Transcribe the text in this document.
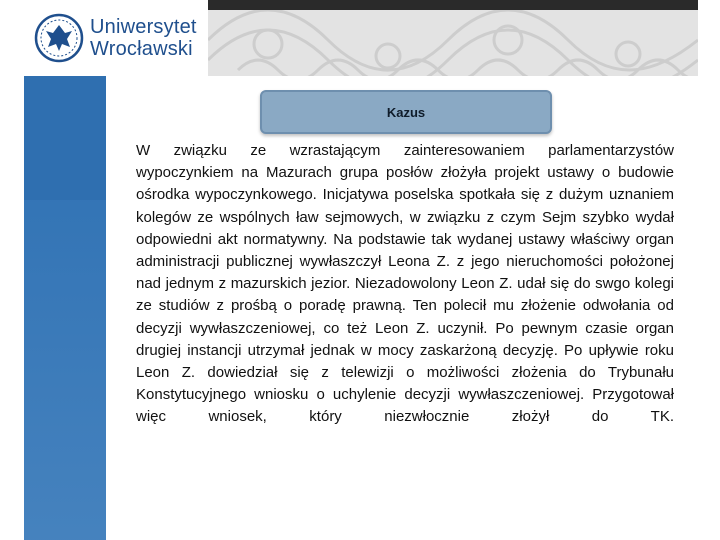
Uniwersytet
Wrocławski
Kazus

W związku ze wzrastającym zainteresowaniem parlamentarzystów wypoczynkiem na Mazurach grupa posłów złożyła projekt ustawy o budowie ośrodka wypoczynkowego. Inicjatywa poselska spotkała się z dużym uznaniem kolegów ze wspólnych ław sejmowych, w związku z czym Sejm szybko wydał odpowiedni akt normatywny. Na podstawie tak wydanej ustawy właściwy organ administracji publicznej wywłaszczył Leona Z. z jego nieruchomości położonej nad jednym z mazurskich jezior. Niezadowolony Leon Z. udał się do swgo kolegi ze studiów z prośbą o poradę prawną. Ten polecił mu złożenie odwołania od decyzji wywłaszczeniowej, co też Leon Z. uczynił. Po pewnym czasie organ drugiej instancji utrzymał jednak w mocy zaskarżoną decyzję. Po upływie roku Leon Z. dowiedział się z telewizji o możliwości złożenia do Trybunału Konstytucyjnego wniosku o uchylenie decyzji wywłaszczeniowej. Przygotował więc wniosek, który niezwłocznie złożył do TK.
